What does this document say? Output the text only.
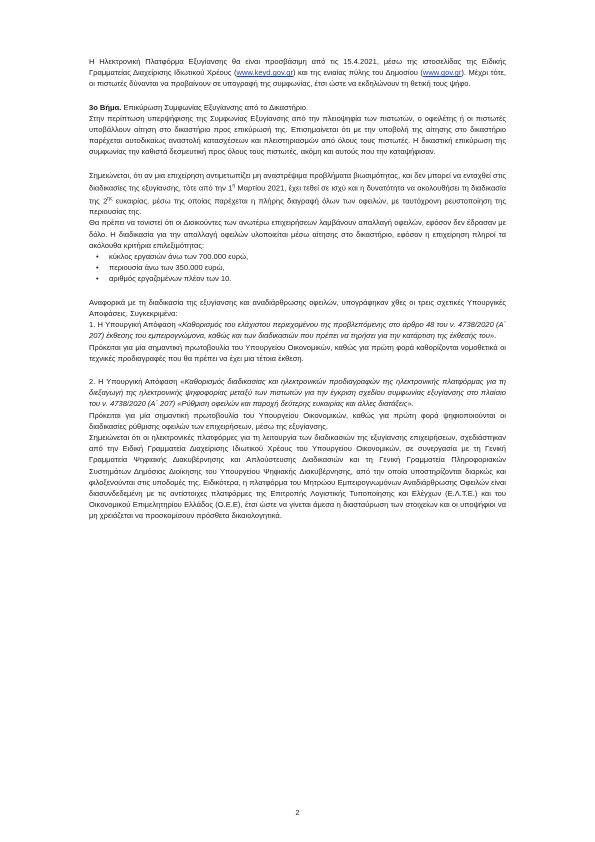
Η Ηλεκτρονική Πλατφόρμα Εξυγίανσης θα είναι προσβάσιμη από τις 15.4.2021, μέσω της ιστοσελίδας της Ειδικής Γραμματείας Διαχείρισης Ιδιωτικού Χρέους (www.keyd.gov.gr) και της ενιαίας πύλης του Δημοσίου (www.gov.gr). Μέχρι τότε, οι πιστωτές δύνανται να προβαίνουν σε υπογραφή της συμφωνίας, έτσι ώστε να εκδηλώνουν τη θετική τους ψήφο.

3ο Βήμα. Επικύρωση Συμφωνίας Εξυγίανσης από το Δικαστήριο.

Στην περίπτωση υπερψήφισης της Συμφωνίας Εξυγίανσης από την πλειοψηφία των πιστωτών, ο οφειλέτης ή οι πιστωτές υποβάλλουν αίτηση στο δικαστήριο προς επικύρωσή της. Επισημαίνεται ότι με την υποβολή της αίτησης στο δικαστήριο παρέχεται αυτοδικαίως αναστολή κατασχέσεων και πλειστηριασμών από όλους τους πιστωτές. Η δικαστική επικύρωση της συμφωνίας την καθιστά δεσμευτική προς όλους τους πιστωτές, ακόμη και αυτούς που την καταψήφισαν.

Σημειώνεται, ότι αν μια επιχείρηση αντιμετωπίζει μη αναστρέψιμα προβλήματα βιωσιμότητας, και δεν μπορεί να ενταχθεί στις διαδικασίες της εξυγίανσης, τότε από την $1^\eta$ Μαρτίου 2021, έχει τεθεί σε ισχύ και η δυνατότητα να ακολουθήσει τη διαδικασία της $2^{\eta\varsigma}$ ευκαιρίας, μέσω της οποίας παρέχεται η πλήρης διαγραφή όλων των οφειλών, με ταυτόχρονη ρευστοποίηση της περιουσίας της.

Θα πρέπει να τονιστεί ότι οι Διοικούντες των ανωτέρω επιχειρήσεων λαμβάνουν απαλλαγή οφειλών, εφόσον δεν έδρασαν με δόλο. Η διαδικασία για την απαλλαγή οφειλών υλοποιείται μέσω αίτησης στο δικαστήριο, εφόσον η επιχείρηση πληροί τα ακόλουθα κριτήρια επιλεξιμότητας:

• κύκλος εργασιών άνω των 700.000 ευρώ,
• περιουσία άνω των 350.000 ευρώ,
• αριθμός εργαζομένων πλέον των 10.

Αναφορικά με τη διαδικασία της εξυγίανσης και αναδιάρθρωσης οφειλών, υπογράφηκαν χθες οι τρεις σχετικές Υπουργικές Αποφάσεις. Συγκεκριμένα:

1. Η Υπουργική Απόφαση «Καθορισμός του ελάχιστου περιεχομένου της προβλεπόμενης στο άρθρο 48 του ν. 4738/2020 (Α΄ 207) έκθεσης του εμπειρογνώμονα, καθώς και των διαδικασιών που πρέπει να τηρήσει για την κατάρτιση της έκθεσής του».

Πρόκειται για μία σημαντική πρωτοβουλία του Υπουργείου Οικονομικών, καθώς για πρώτη φορά καθορίζονται νομοθετικά οι τεχνικές προδιαγραφές που θα πρέπει να έχει μια τέτοια έκθεση.

2. Η Υπουργική Απόφαση «Καθορισμός διαδικασίας και ηλεκτρονικών προδιαγραφών της ηλεκτρονικής πλατφόρμας για τη διεξαγωγή της ηλεκτρονικής ψηφοφορίας μεταξύ των πιστωτών για την έγκριση σχεδίου συμφωνίας εξυγίανσης στο πλαίσιο του ν. 4738/2020 (Α΄ 207) «Ρύθμιση οφειλών και παροχή δεύτερης ευκαιρίας και άλλες διατάξεις».

Πρόκειται για μία σημαντική πρωτοβουλία του Υπουργείου Οικονομικών, καθώς για πρώτη φορά ψηφιοποιούνται οι διαδικασίες ρύθμισης οφειλών των επιχειρήσεων, μέσω της εξυγίανσης.

Σημειώνεται ότι οι ηλεκτρονικές πλατφόρμες για τη λειτουργία των διαδικασιών της εξυγίανσης επιχειρήσεων, σχεδιάστηκαν από την Ειδική Γραμματεία Διαχείρισης Ιδιωτικού Χρέους του Υπουργείου Οικονομικών, σε συνεργασία με τη Γενική Γραμματεία Ψηφιακής Διακυβέρνησης και Απλούστευσης Διαδικασιών και τη Γενική Γραμματεία Πληροφοριακών Συστημάτων Δημόσιας Διοίκησης του Υπουργείου Ψηφιακής Διακυβέρνησης, από την οποία υποστηρίζονται διαρκώς και φιλοξενούνται στις υποδομές της. Ειδικότερα, η πλατφόρμα του Μητρώου Εμπειρογνωμόνων Αναδιάρθρωσης Οφειλών είναι διασυνδεδεμένη με τις αντίστοιχες πλατφόρμες της Επιτροπής Λογιστικής Τυποποίησης και Ελέγχων (Ε.Λ.Τ.Ε.) και του Οικονομικού Επιμελητηρίου Ελλάδος (Ο.Ε.Ε), έτσι ώστε να γίνεται άμεσα η διασταύρωση των στοιχείων και οι υποψήφιοι να μη χρειάζεται να προσκομίσουν πρόσθετα δικαιολογητικά.

2
